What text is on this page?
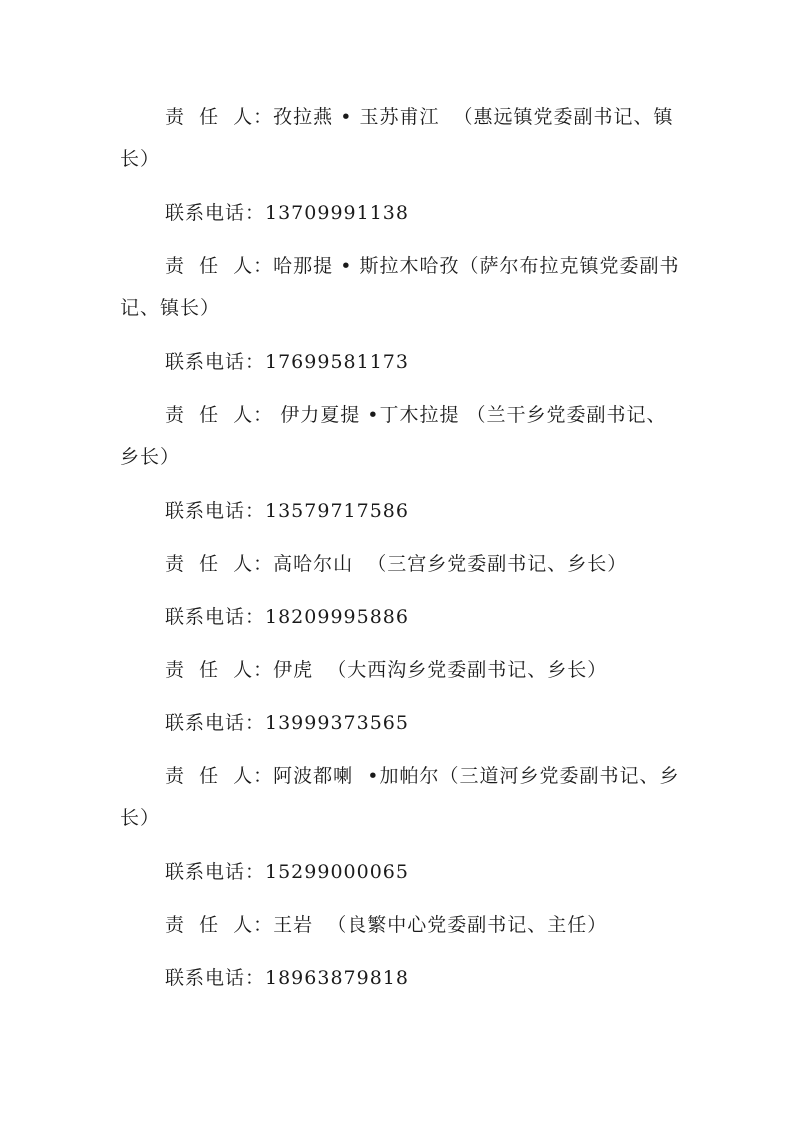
责  任  人：孜拉燕 • 玉苏甫江  （惠远镇党委副书记、镇长）

联系电话：13709991138

责  任  人：哈那提 • 斯拉木哈孜（萨尔布拉克镇党委副书记、镇长）

联系电话：17699581173

责  任  人： 伊力夏提 •丁木拉提 （兰干乡党委副书记、乡长）

联系电话：13579717586

责  任  人：高哈尔山  （三宫乡党委副书记、乡长）

联系电话：18209995886

责  任  人：伊虎  （大西沟乡党委副书记、乡长）

联系电话：13999373565

责  任  人：阿波都喇  •加帕尔（三道河乡党委副书记、乡长）

联系电话：15299000065

责  任  人：王岩  （良繁中心党委副书记、主任）

联系电话：18963879818
